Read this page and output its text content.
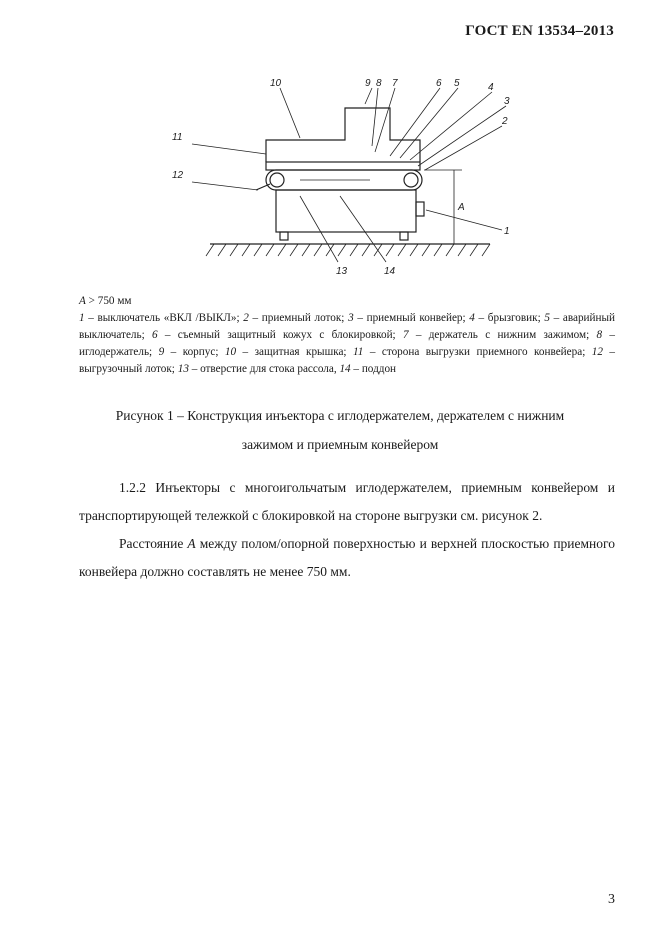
ГОСТ EN 13534–2013
10	9 8 7	6 5	4
3
2
11
12
1
A
13	14

A > 750 мм

1 – выключатель «ВКЛ /ВЫКЛ»; 2 – приемный лоток; 3 – приемный конвейер; 4 – брызговик; 5 – аварийный выключатель; 6 – съемный защитный кожух с блокировкой; 7 – держатель с нижним зажимом; 8 – иглодержатель; 9 – корпус; 10 – защитная крышка; 11 – сторона выгрузки приемного конвейера; 12 – выгрузочный лоток; 13 – отверстие для стока рассола, 14 – поддон

Рисунок 1 – Конструкция инъектора с иглодержателем, держателем с нижним
зажимом и приемным конвейером

1.2.2 Инъекторы с многоигольчатым иглодержателем, приемным конвейером и транспортирующей тележкой с блокировкой на стороне выгрузки см. рисунок 2.

Расстояние A между полом/опорной поверхностью и верхней плоскостью приемного конвейера должно составлять не менее 750 мм.

3
